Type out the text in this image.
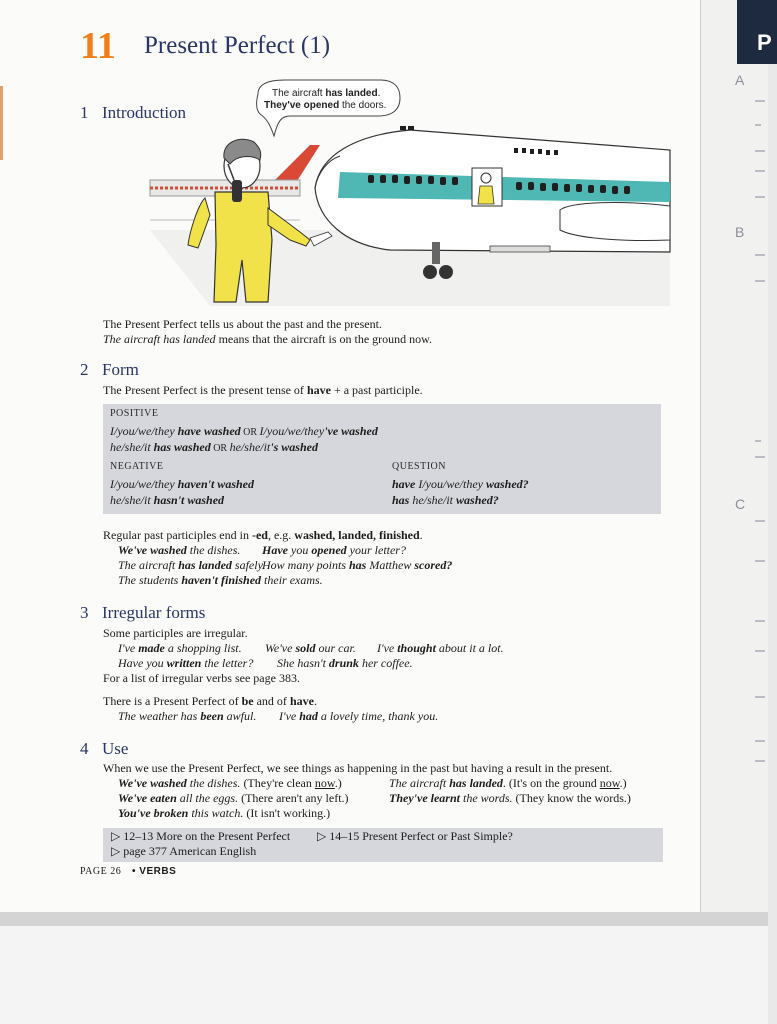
11 Present Perfect (1)
1 Introduction
The aircraft has landed.
They've opened the doors.
The Present Perfect tells us about the past and the present.
The aircraft has landed means that the aircraft is on the ground now.
2 Form
The Present Perfect is the present tense of have + a past participle.
POSITIVE
I/you/we/they have washed OR I/you/we/they've washed
he/she/it has washed OR he/she/it's washed
NEGATIVE
I/you/we/they haven't washed
he/she/it hasn't washed
QUESTION
have I/you/we/they washed?
has he/she/it washed?
Regular past participles end in -ed, e.g. washed, landed, finished.
We've washed the dishes. Have you opened your letter?
The aircraft has landed safely.
How many points has Matthew scored?
The students haven't finished their exams.
3 Irregular forms
Some participles are irregular.
I've made a shopping list. We've sold our car. I've thought about it a lot.
Have you written the letter? She hasn't drunk her coffee.
For a list of irregular verbs see page 383.
There is a Present Perfect of be and of have.
The weather has been awful. I've had a lovely time, thank you.
4 Use
When we use the Present Perfect, we see things as happening in the past but having a result in the present.
We've washed the dishes. (They're clean now.)
We've eaten all the eggs. (There aren't any left.)
You've broken this watch. (It isn't working.)
The aircraft has landed. (It's on the ground now.)
They've learnt the words. (They know the words.)
▷ 12–13 More on the Present Perfect ▷ 14–15 Present Perfect or Past Simple?
▷ page 377 American English
PAGE 26 • VERBS
P
A
B
C
